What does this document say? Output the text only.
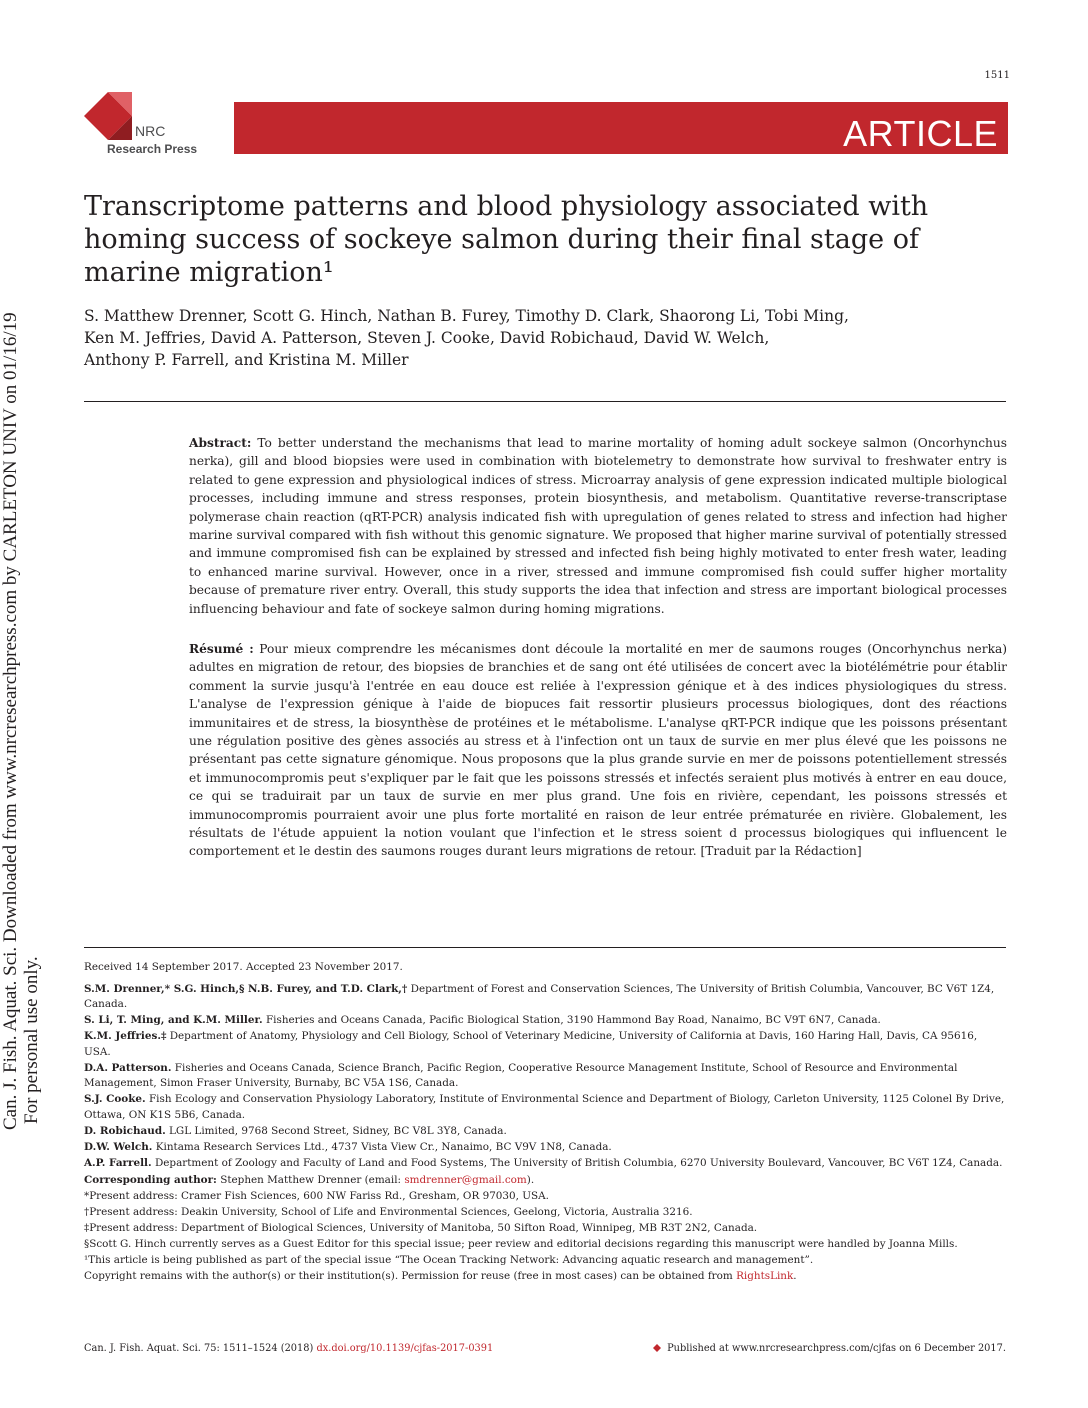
1511
NRC
Research Press	ARTICLE
Can. J. Fish. Aquat. Sci. Downloaded from www.nrcresearchpress.com by CARLETON UNIV on 01/16/19 For personal use only.
Transcriptome patterns and blood physiology associated with homing success of sockeye salmon during their final stage of marine migration¹
S. Matthew Drenner, Scott G. Hinch, Nathan B. Furey, Timothy D. Clark, Shaorong Li, Tobi Ming,
Ken M. Jeffries, David A. Patterson, Steven J. Cooke, David Robichaud, David W. Welch,
Anthony P. Farrell, and Kristina M. Miller
Abstract: To better understand the mechanisms that lead to marine mortality of homing adult sockeye salmon (Oncorhynchus nerka), gill and blood biopsies were used in combination with biotelemetry to demonstrate how survival to freshwater entry is related to gene expression and physiological indices of stress. Microarray analysis of gene expression indicated multiple biological processes, including immune and stress responses, protein biosynthesis, and metabolism. Quantitative reverse-transcriptase polymerase chain reaction (qRT-PCR) analysis indicated fish with upregulation of genes related to stress and infection had higher marine survival compared with fish without this genomic signature. We proposed that higher marine survival of potentially stressed and immune compromised fish can be explained by stressed and infected fish being highly motivated to enter fresh water, leading to enhanced marine survival. However, once in a river, stressed and immune compromised fish could suffer higher mortality because of premature river entry. Overall, this study supports the idea that infection and stress are important biological processes influencing behaviour and fate of sockeye salmon during homing migrations.
Résumé : Pour mieux comprendre les mécanismes dont découle la mortalité en mer de saumons rouges (Oncorhynchus nerka) adultes en migration de retour, des biopsies de branchies et de sang ont été utilisées de concert avec la biotélémétrie pour établir comment la survie jusqu'à l'entrée en eau douce est reliée à l'expression génique et à des indices physiologiques du stress. L'analyse de l'expression génique à l'aide de biopuces fait ressortir plusieurs processus biologiques, dont des réactions immunitaires et de stress, la biosynthèse de protéines et le métabolisme. L'analyse qRT-PCR indique que les poissons présentant une régulation positive des gènes associés au stress et à l'infection ont un taux de survie en mer plus élevé que les poissons ne présentant pas cette signature génomique. Nous proposons que la plus grande survie en mer de poissons potentiellement stressés et immunocompromis peut s'expliquer par le fait que les poissons stressés et infectés seraient plus motivés à entrer en eau douce, ce qui se traduirait par un taux de survie en mer plus grand. Une fois en rivière, cependant, les poissons stressés et immunocompromis pourraient avoir une plus forte mortalité en raison de leur entrée prématurée en rivière. Globalement, les résultats de l'étude appuient la notion voulant que l'infection et le stress soient d processus biologiques qui influencent le comportement et le destin des saumons rouges durant leurs migrations de retour. [Traduit par la Rédaction]

Received 14 September 2017. Accepted 23 November 2017.

S.M. Drenner,* S.G. Hinch,§ N.B. Furey, and T.D. Clark,† Department of Forest and Conservation Sciences, The University of British Columbia, Vancouver, BC V6T 1Z4, Canada.

S. Li, T. Ming, and K.M. Miller. Fisheries and Oceans Canada, Pacific Biological Station, 3190 Hammond Bay Road, Nanaimo, BC V9T 6N7, Canada.

K.M. Jeffries.‡ Department of Anatomy, Physiology and Cell Biology, School of Veterinary Medicine, University of California at Davis, 160 Haring Hall, Davis, CA 95616, USA.

D.A. Patterson. Fisheries and Oceans Canada, Science Branch, Pacific Region, Cooperative Resource Management Institute, School of Resource and Environmental Management, Simon Fraser University, Burnaby, BC V5A 1S6, Canada.

S.J. Cooke. Fish Ecology and Conservation Physiology Laboratory, Institute of Environmental Science and Department of Biology, Carleton University, 1125 Colonel By Drive, Ottawa, ON K1S 5B6, Canada.

D. Robichaud. LGL Limited, 9768 Second Street, Sidney, BC V8L 3Y8, Canada.

D.W. Welch. Kintama Research Services Ltd., 4737 Vista View Cr., Nanaimo, BC V9V 1N8, Canada.

A.P. Farrell. Department of Zoology and Faculty of Land and Food Systems, The University of British Columbia, 6270 University Boulevard, Vancouver, BC V6T 1Z4, Canada.

Corresponding author: Stephen Matthew Drenner (email: smdrenner@gmail.com).

*Present address: Cramer Fish Sciences, 600 NW Fariss Rd., Gresham, OR 97030, USA.

†Present address: Deakin University, School of Life and Environmental Sciences, Geelong, Victoria, Australia 3216.

‡Present address: Department of Biological Sciences, University of Manitoba, 50 Sifton Road, Winnipeg, MB R3T 2N2, Canada.

§Scott G. Hinch currently serves as a Guest Editor for this special issue; peer review and editorial decisions regarding this manuscript were handled by Joanna Mills.

¹This article is being published as part of the special issue “The Ocean Tracking Network: Advancing aquatic research and management”.

Copyright remains with the author(s) or their institution(s). Permission for reuse (free in most cases) can be obtained from RightsLink.

Can. J. Fish. Aquat. Sci. 75: 1511–1524 (2018) dx.doi.org/10.1139/cjfas-2017-0391	Published at www.nrcresearchpress.com/cjfas on 6 December 2017.
